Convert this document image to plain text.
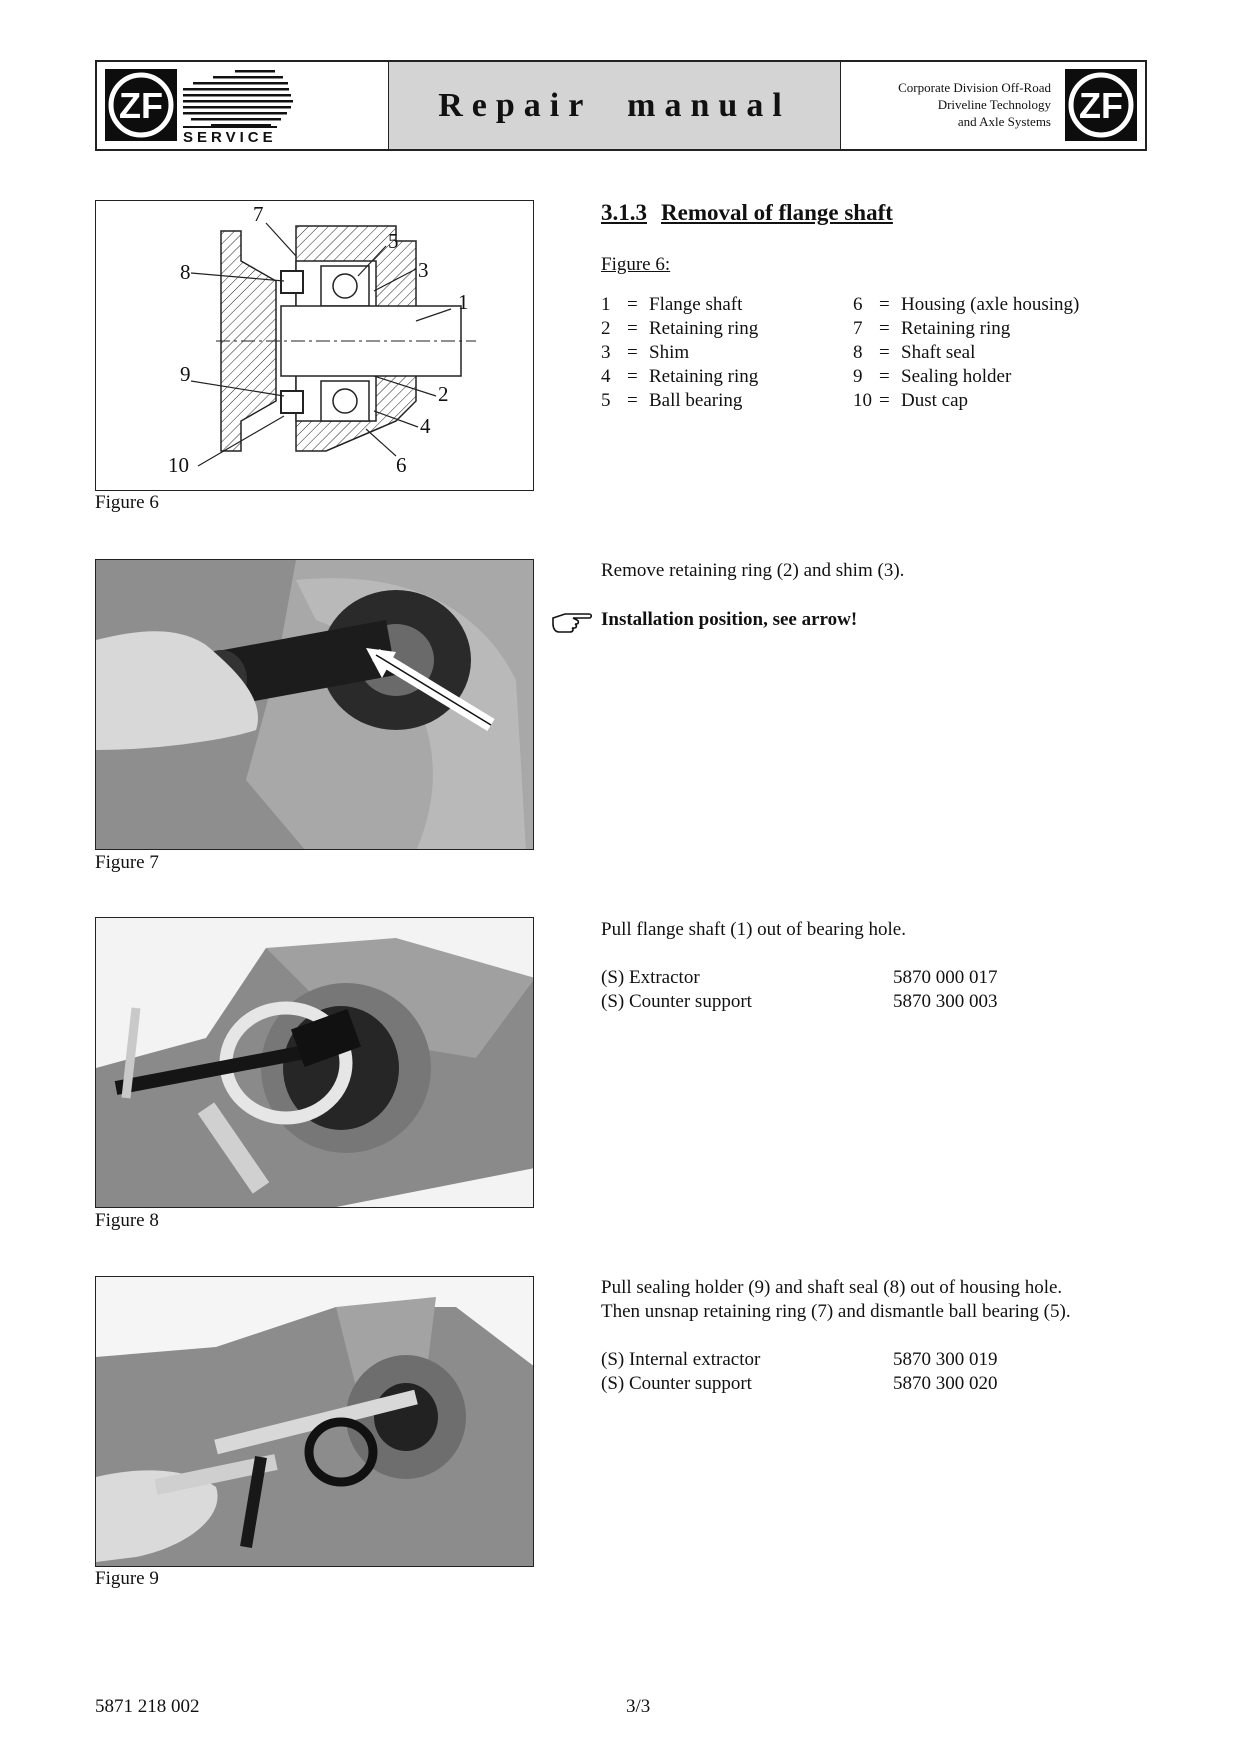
ZF
SERVICE
Repair manual	Corporate Division Off-Road
Driveline Technology
and Axle Systems ZF
7
5
3
8
1
9
2
4
10	6
Figure 6
3.1.3 Removal of flange shaft
Figure 6:
1 = Flange shaft
2 = Retaining ring
3 = Shim
4 = Retaining ring
5 = Ball bearing
6 = Housing (axle housing)
7 = Retaining ring
8 = Shaft seal
9 = Sealing holder
10 = Dust cap
Figure 7
Remove retaining ring (2) and shim (3).
Installation position, see arrow!
Figure 8
Pull flange shaft (1) out of bearing hole.
(S) Extractor	5870 000 017
(S) Counter support	5870 300 003
Figure 9
Pull sealing holder (9) and shaft seal (8) out of housing hole.
Then unsnap retaining ring (7) and dismantle ball bearing (5).
(S) Internal extractor	5870 300 019
(S) Counter support	5870 300 020
5871 218 002	3/3
